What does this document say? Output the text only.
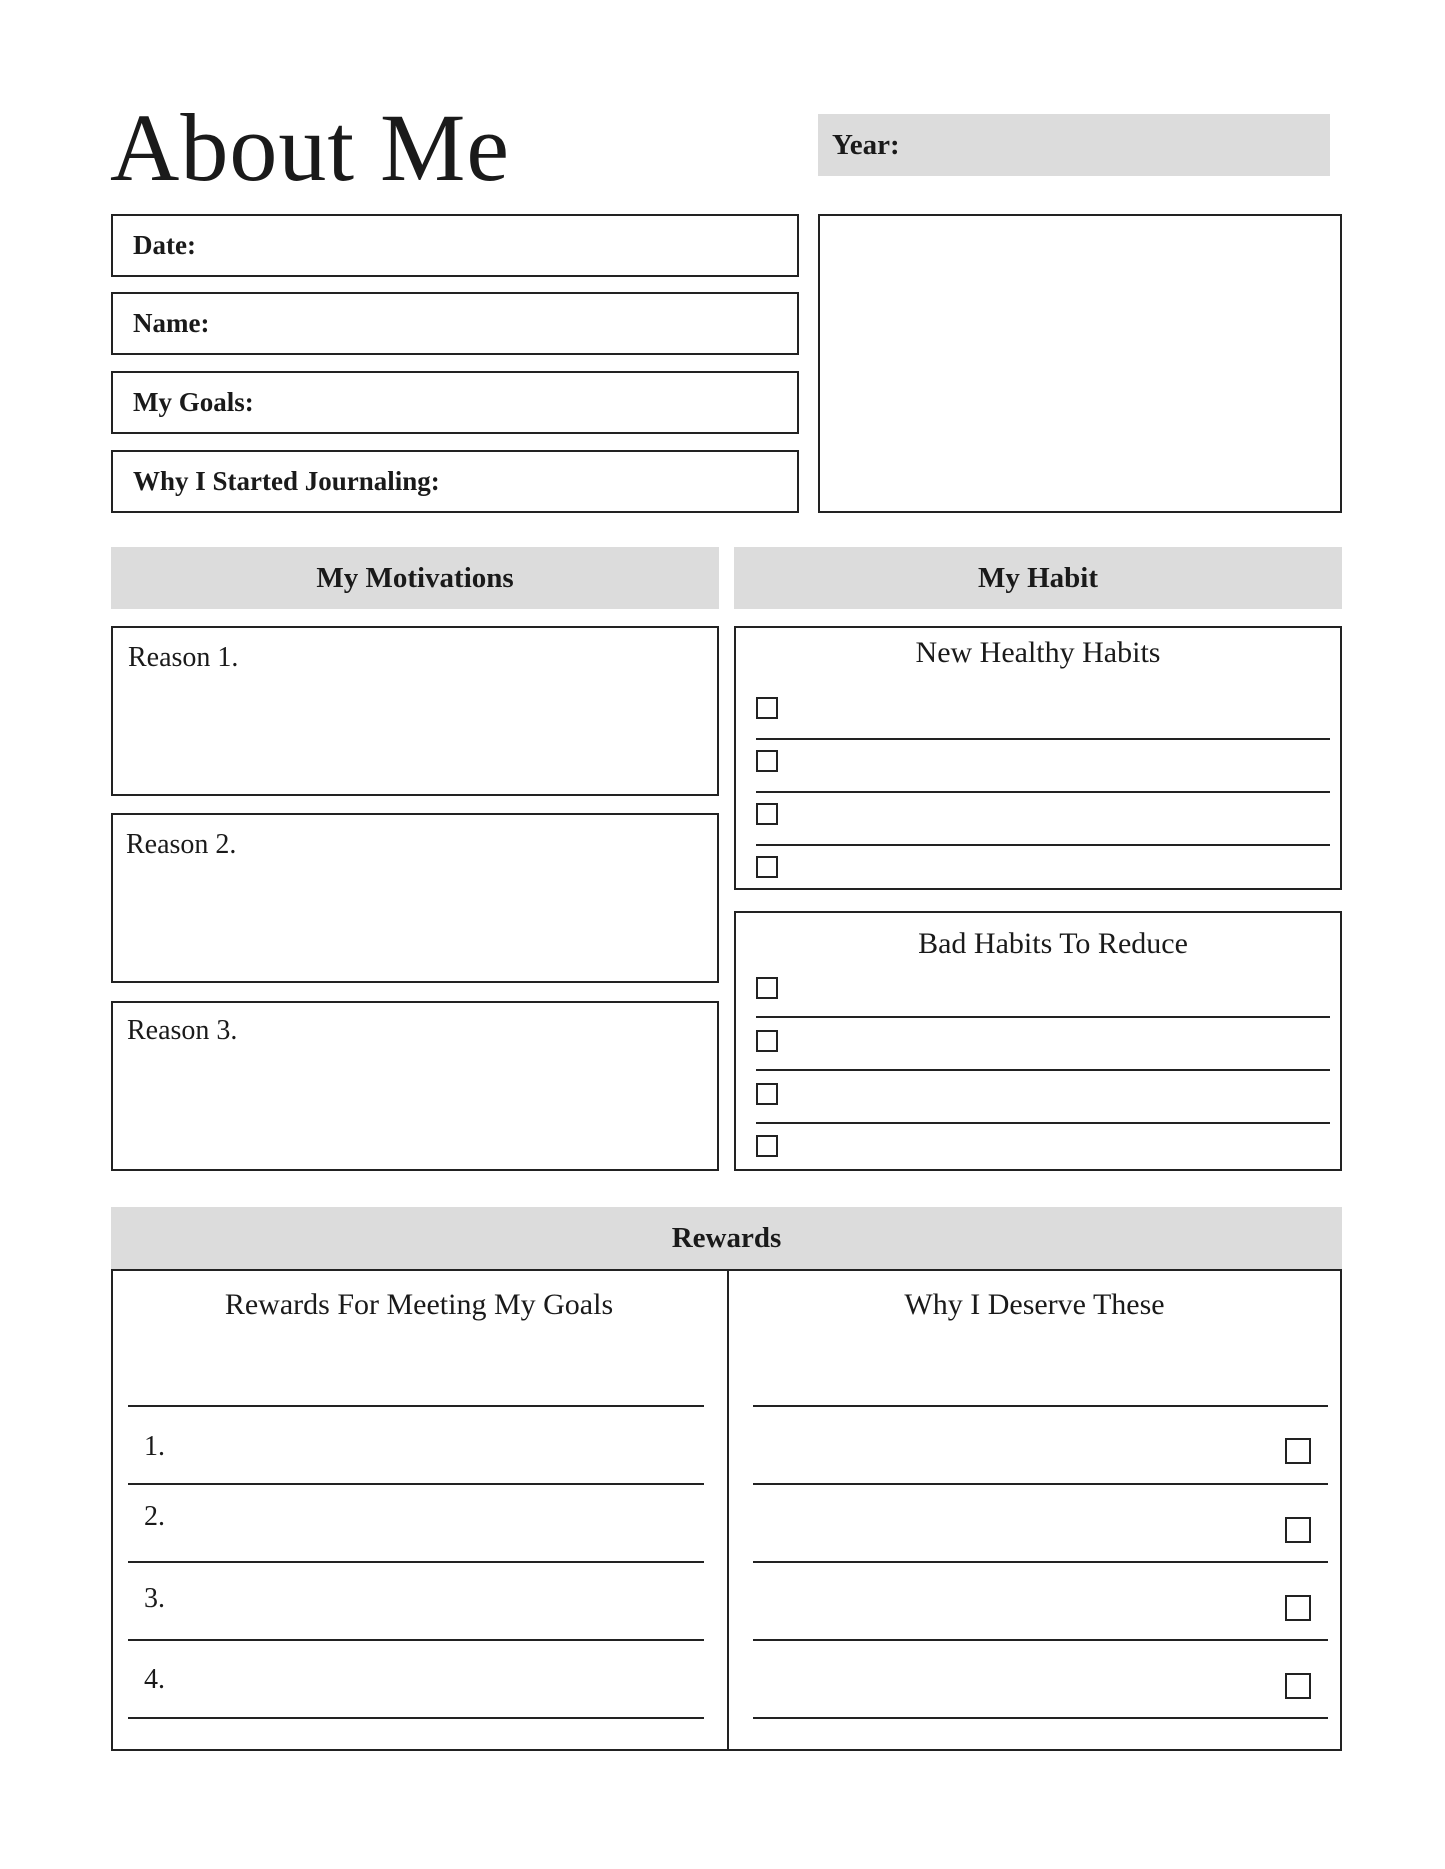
About Me	Year:
Date:
Name:
My Goals:
Why I Started Journaling:
My Motivations	My Habit
Reason 1.
Reason 2.
Reason 3.
New Healthy Habits
Bad Habits To Reduce
Rewards
Rewards For Meeting My Goals
1.
2.
3.
4.
Why I Deserve These
